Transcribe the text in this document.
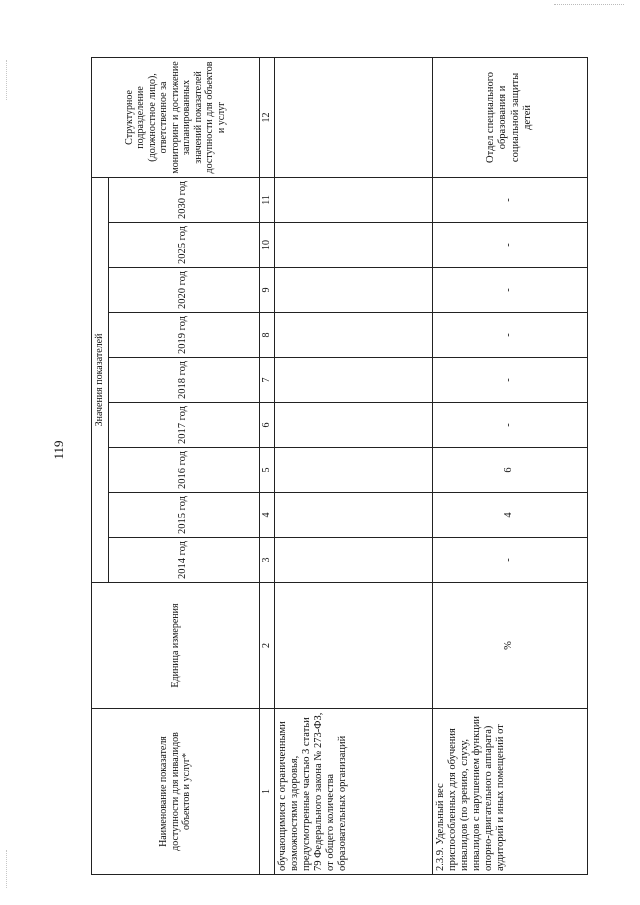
119
Наименование показателя доступности для инвалидов объектов и услуг*	Единица измерения	Значения показателей									Структурное подразделение (должностное лицо), ответственное за мониторинг и достижение запланированных значений показателей доступности для объектов и услуг
		2014 год	2015 год	2016 год	2017 год	2018 год	2019 год	2020 год	2025 год	2030 год	
1	2	3	4	5	6	7	8	9	10	11	12
обучающимися с ограниченными возможностями здоровья, предусмотренные частью 3 статьи 79 Федерального закона № 273-ФЗ, от общего количества образовательных организаций											
2.3.9. Удельный вес приспособленных для обучения инвалидов (по зрению, слуху, инвалидов с нарушением функции опорно-двигательного аппарата) аудиторий и иных помещений от	%	-	4	6	-	-	-	-	-	-	Отдел специального образования и социальной защиты детей
